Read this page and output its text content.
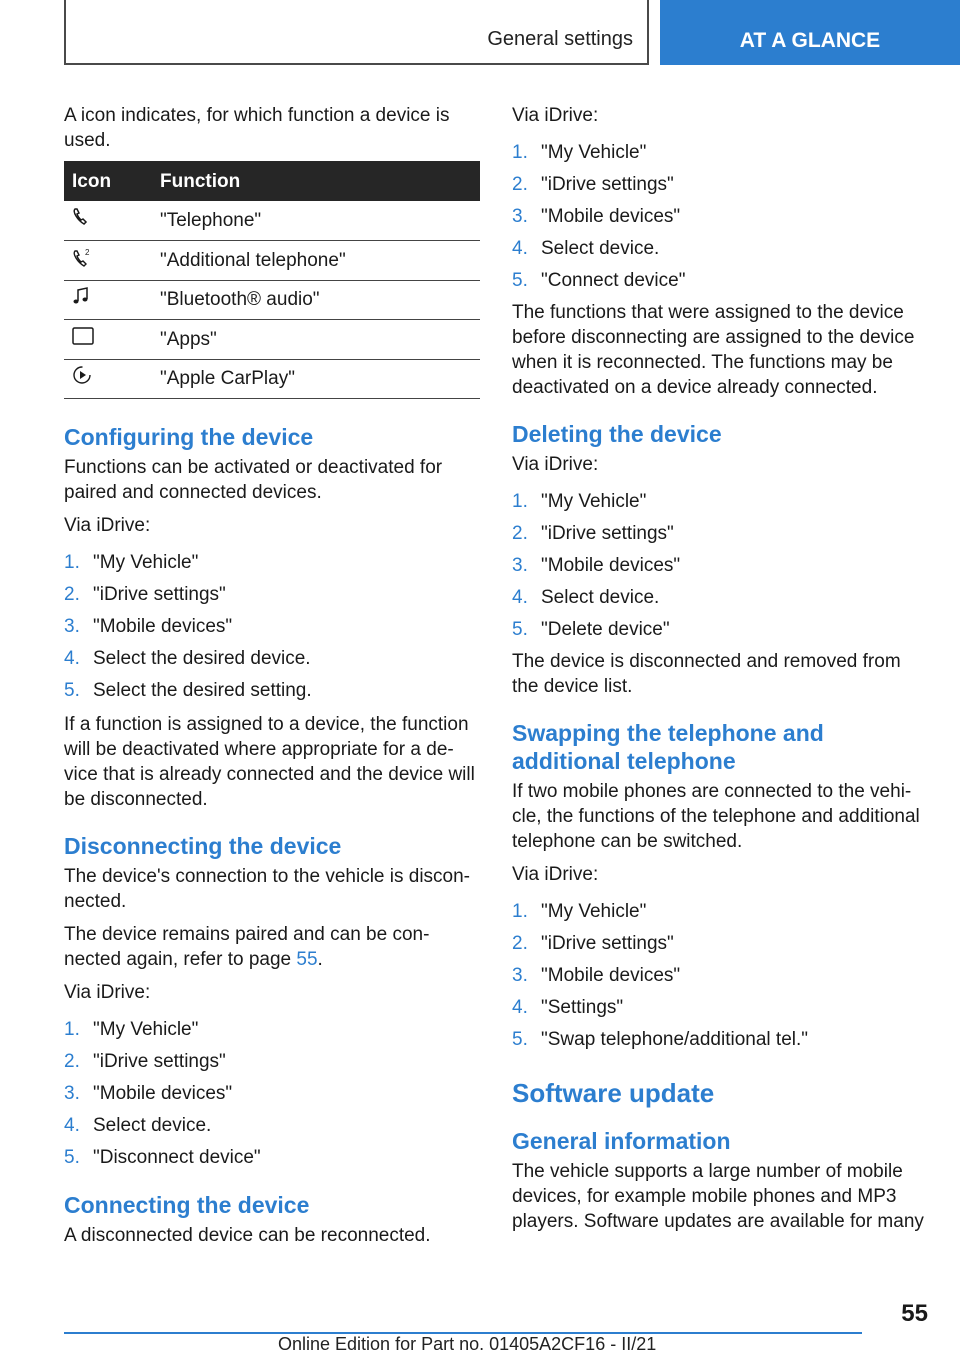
General settings	AT A GLANCE

A icon indicates, for which function a device is used.

Icon	Function
	"Telephone"

2	"Additional telephone"
	"Bluetooth® audio"
	"Apps"
	"Apple CarPlay"
Configuring the device

Functions can be activated or deactivated for paired and connected devices.

Via iDrive:

1. "My Vehicle"
2. "iDrive settings"
3. "Mobile devices"
4. Select the desired device.
5. Select the desired setting.

If a function is assigned to a device, the function will be deactivated where appropriate for a de-vice that is already connected and the device will be disconnected.

Disconnecting the device

The device's connection to the vehicle is discon-nected.

The device remains paired and can be con-nected again, refer to page 55.

Via iDrive:

1. "My Vehicle"
2. "iDrive settings"
3. "Mobile devices"
4. Select device.
5. "Disconnect device"
Connecting the device

A disconnected device can be reconnected.

Via iDrive:

1. "My Vehicle"
2. "iDrive settings"
3. "Mobile devices"
4. Select device.
5. "Connect device"

The functions that were assigned to the device before disconnecting are assigned to the device when it is reconnected. The functions may be deactivated on a device already connected.

Deleting the device

Via iDrive:

1. "My Vehicle"
2. "iDrive settings"
3. "Mobile devices"
4. Select device.
5. "Delete device"

The device is disconnected and removed from the device list.

Swapping the telephone and additional telephone

If two mobile phones are connected to the vehi-cle, the functions of the telephone and additional telephone can be switched.

Via iDrive:

1. "My Vehicle"
2. "iDrive settings"
3. "Mobile devices"
4. "Settings"
5. "Swap telephone/additional tel."
Software update
General information

The vehicle supports a large number of mobile devices, for example mobile phones and MP3 players. Software updates are available for many

55
Online Edition for Part no. 01405A2CF16 - II/21
